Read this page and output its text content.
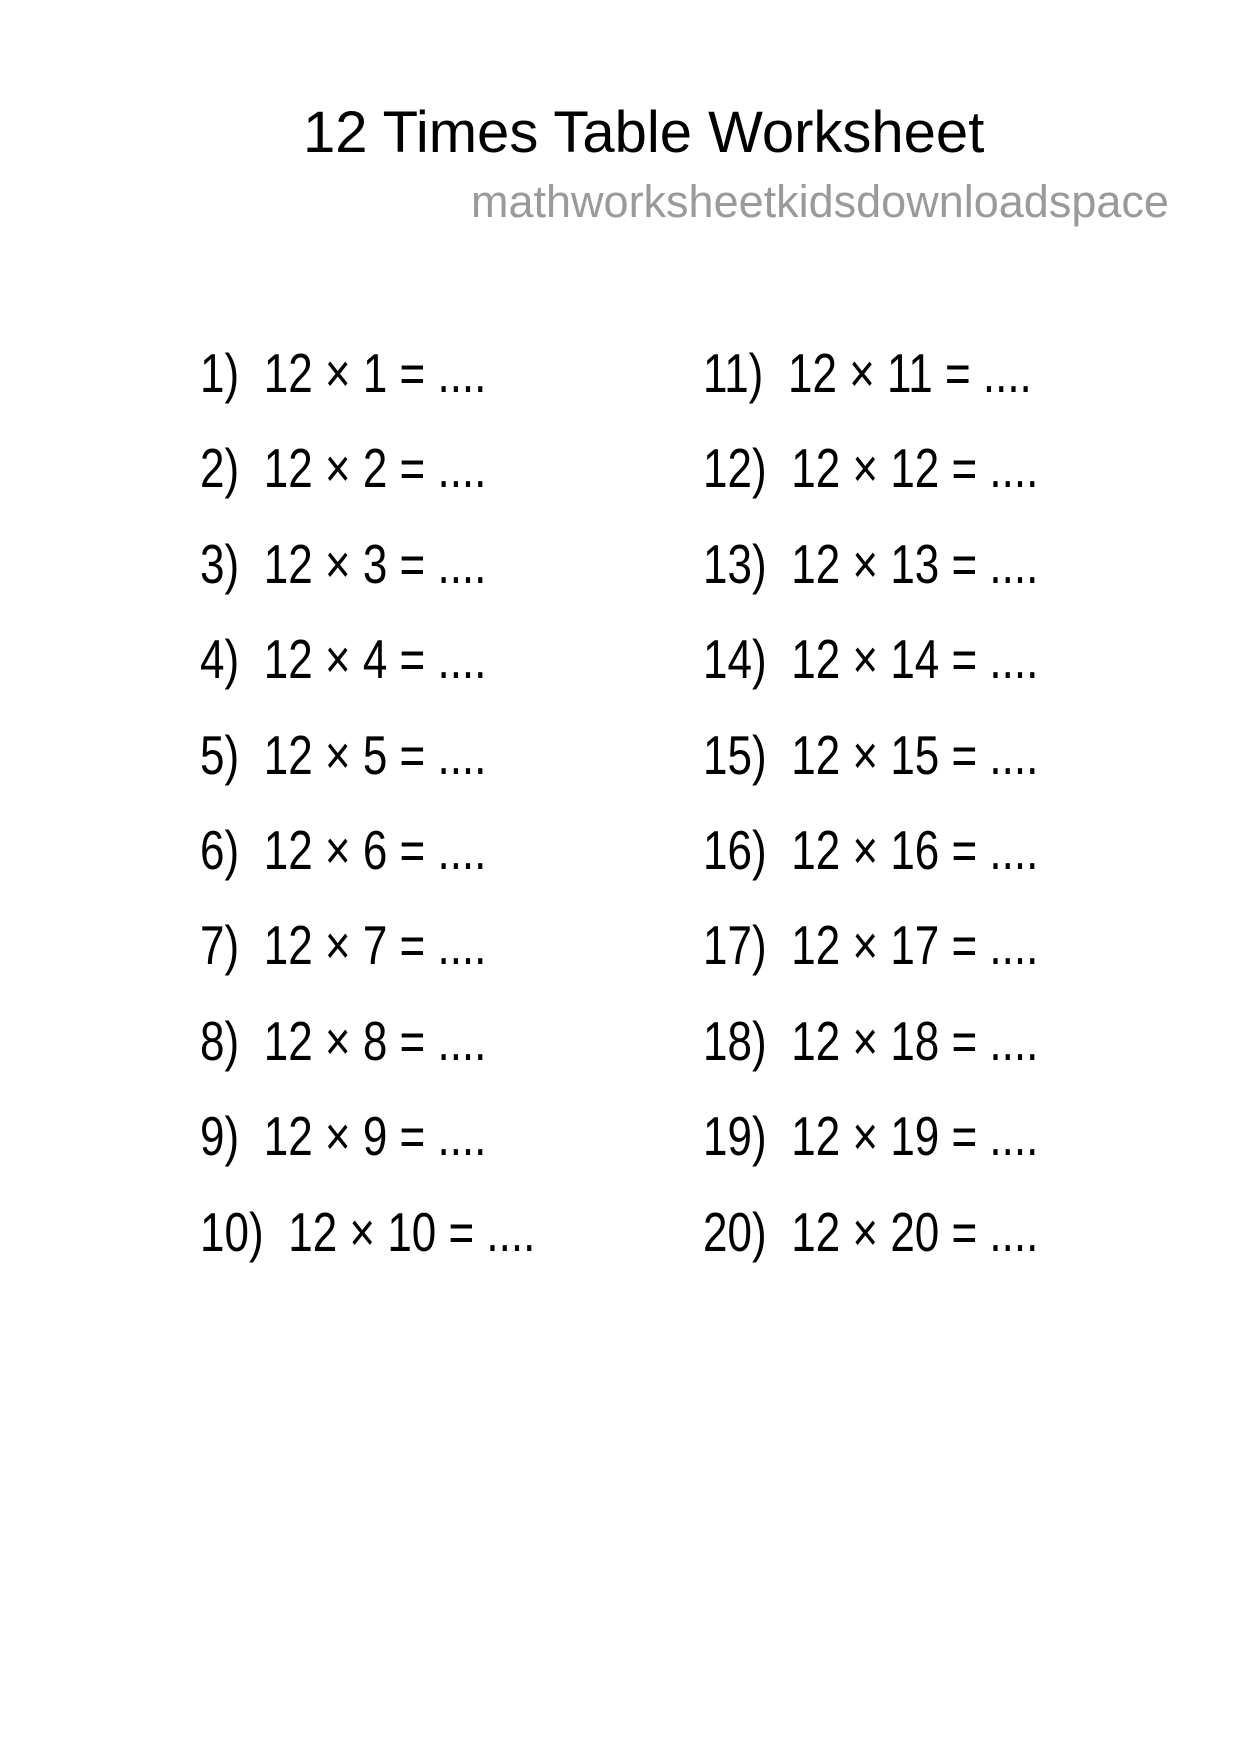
12 Times Table Worksheet
mathworksheetkidsdownloadspace
1) 12 × 1 = ....
2) 12 × 2 = ....
3) 12 × 3 = ....
4) 12 × 4 = ....
5) 12 × 5 = ....
6) 12 × 6 = ....
7) 12 × 7 = ....
8) 12 × 8 = ....
9) 12 × 9 = ....
10) 12 × 10 = ....
11) 12 × 11 = ....
12) 12 × 12 = ....
13) 12 × 13 = ....
14) 12 × 14 = ....
15) 12 × 15 = ....
16) 12 × 16 = ....
17) 12 × 17 = ....
18) 12 × 18 = ....
19) 12 × 19 = ....
20) 12 × 20 = ....
